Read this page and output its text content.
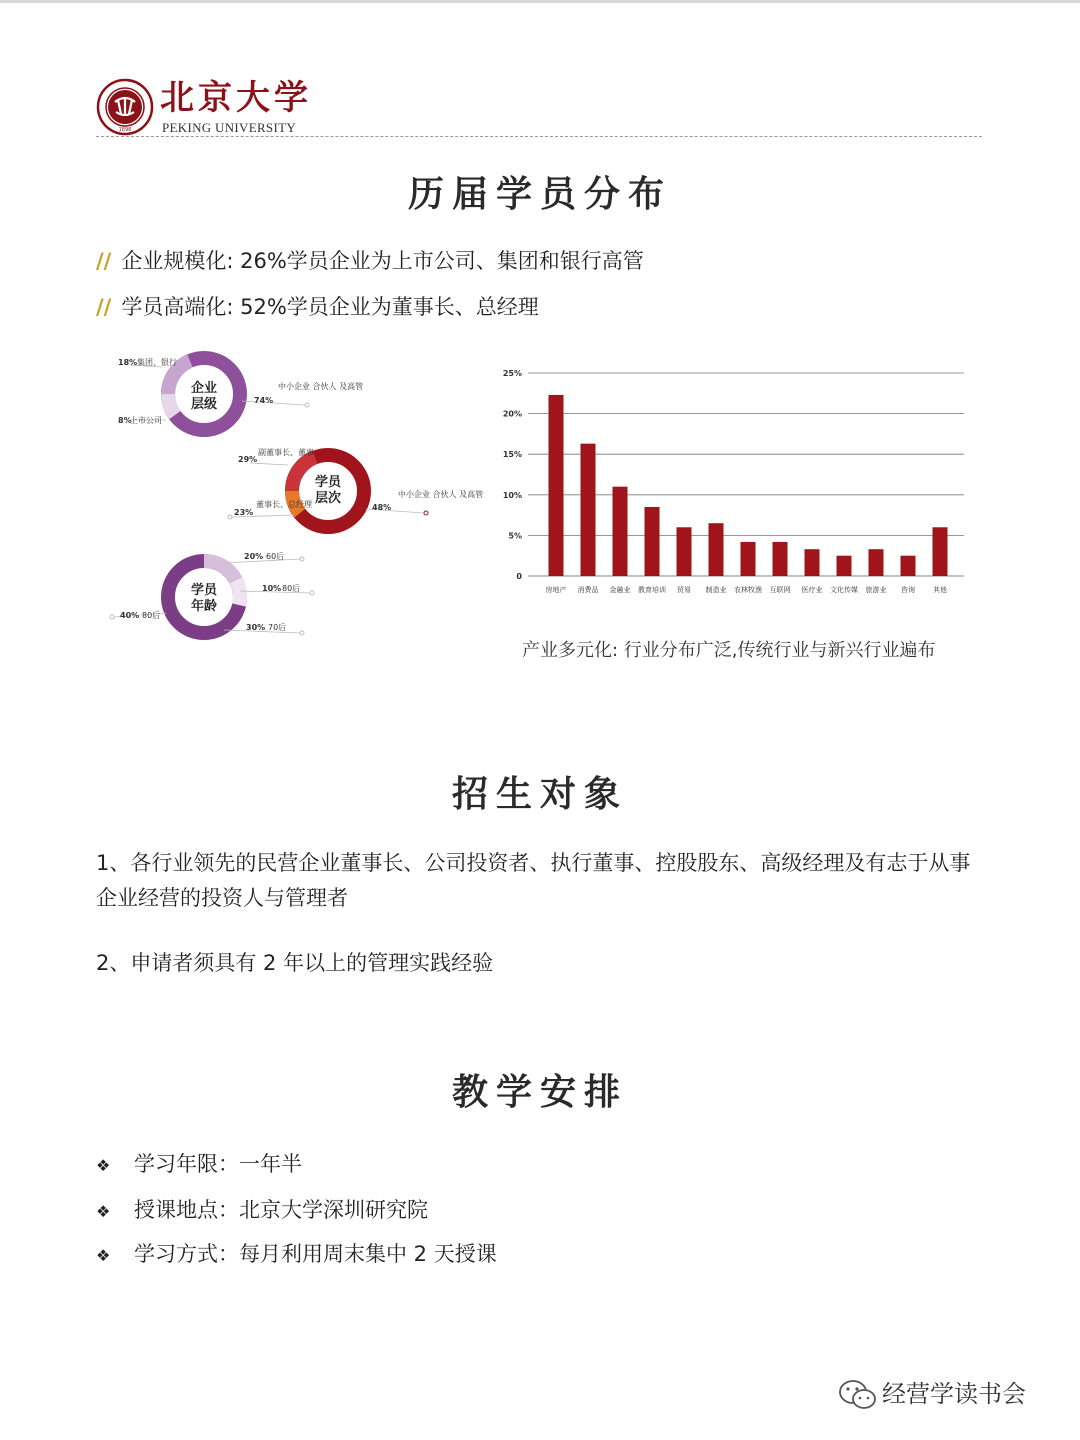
1898
北京大学
PEKING UNIVERSITY
历届学员分布
// 企业规模化: 26%学员企业为上市公司、集团和银行高管
// 学员高端化: 52%学员企业为董事长、总经理
企业
层级
18% 集团、银行
8%
上市公司
74%
中小企业 合伙人 及高管
学员
层次
29%
副董事长、董事
23%
董事长、总经理	48%
中小企业 合伙人 及高管
学员
年龄
20% 60后
10% 80后
40% 80后
30% 70后
0
5%
10%
15%
20%
25%
房地产 消费品 金融业 教育培训 贸易 制造业 农林牧渔 互联网 医疗业 文化传媒 旅游业 咨询	其他
产业多元化: 行业分布广泛,传统行业与新兴行业遍布
招生对象
1、各行业领先的民营企业董事长、公司投资者、执行董事、控股股东、高级经理及有志于从事企业经营的投资人与管理者
2、申请者须具有 2 年以上的管理实践经验
教学安排
❖ 学习年限：一年半
❖ 授课地点：北京大学深圳研究院
❖ 学习方式：每月利用周末集中 2 天授课
经营学读书会
